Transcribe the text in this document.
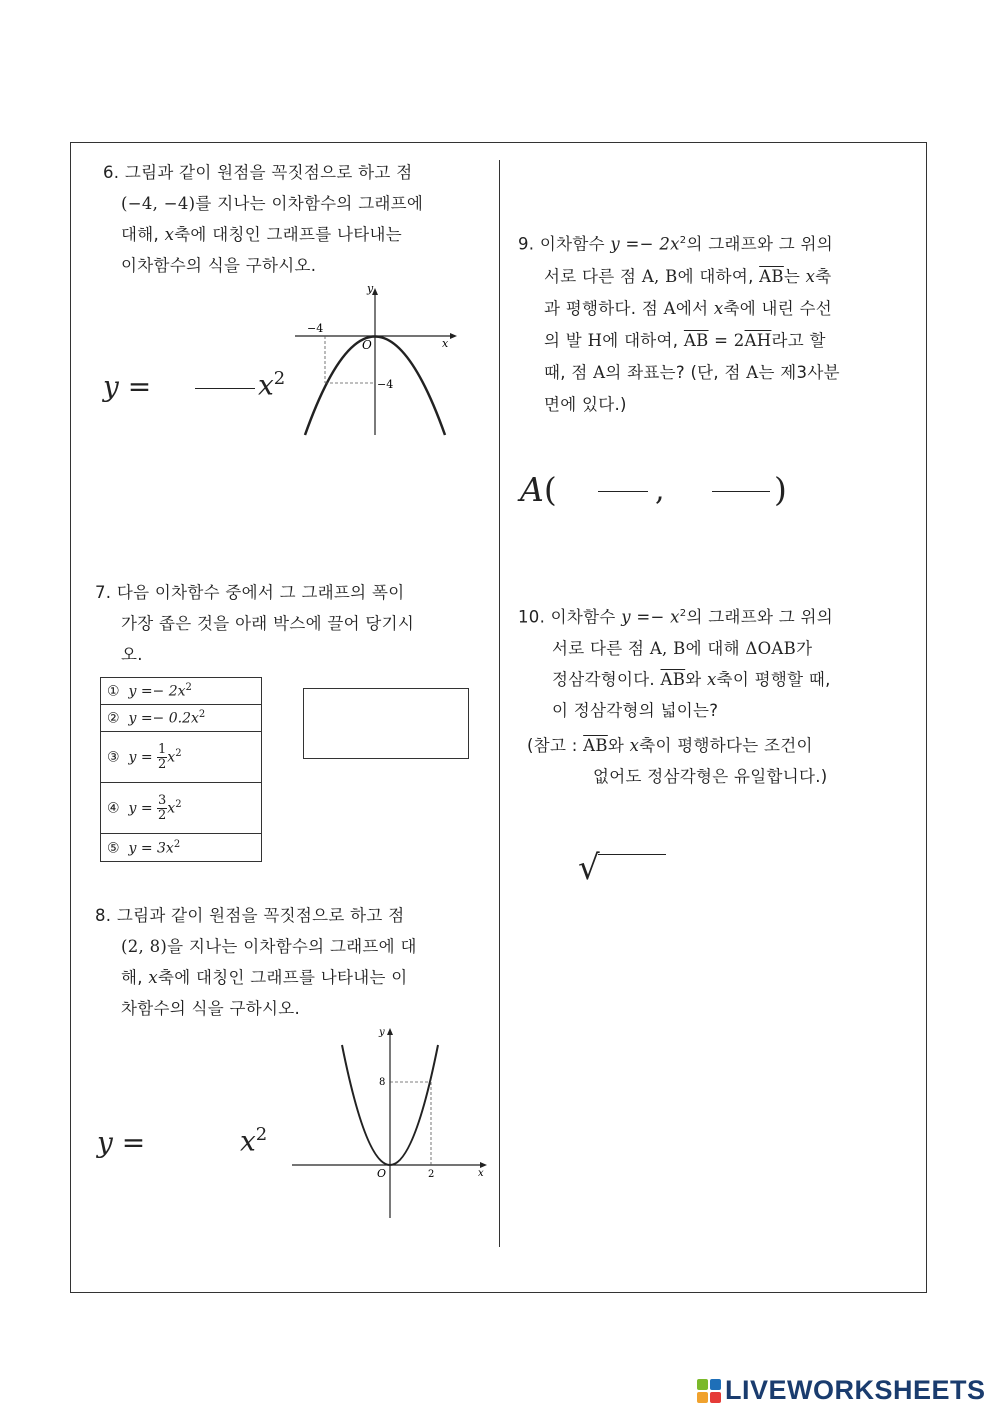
6. 그림과 같이 원점을 꼭짓점으로 하고 점

(−4, −4)를 지나는 이차함수의 그래프에

대해, x축에 대칭인 그래프를 나타내는

이차함수의 식을 구하시오.

y =	$x^2$
y
x
O
−4
−4

7. 다음 이차함수 중에서 그 그래프의 폭이

가장 좁은 것을 아래 박스에 끌어 당기시

오.

① $y =- 2x^2$
② $y =- 0.2x^2$
③ $y = \frac{1}{2} x^2$
④ $y = \frac{3}{2} x^2$
⑤ $y = 3x^2$

8. 그림과 같이 원점을 꼭짓점으로 하고 점

(2, 8)을 지나는 이차함수의 그래프에 대

해, x축에 대칭인 그래프를 나타내는 이

차함수의 식을 구하시오.

y =	$x^2$
y
x
O
8
2

9. 이차함수 $y =- 2x^2$의 그래프와 그 위의

서로 다른 점 A, B에 대하여, $\overline{AB}$는 x축

과 평행하다. 점 A에서 x축에 내린 수선

의 발 H에 대하여, $\overline{AB} = 2\overline{AH}$라고 할

때, 점 A의 좌표는? (단, 점 A는 제3사분

면에 있다.)

A(	,	)

10. 이차함수 $y =- x^2$의 그래프와 그 위의

서로 다른 점 A, B에 대해 ΔOAB가

정삼각형이다. $\overline{AB}$와 x축이 평행할 때,

이 정삼각형의 넓이는?

(참고 : $\overline{AB}$와 x축이 평행하다는 조건이

없어도 정삼각형은 유일합니다.)

√
LIVEWORKSHEETS
